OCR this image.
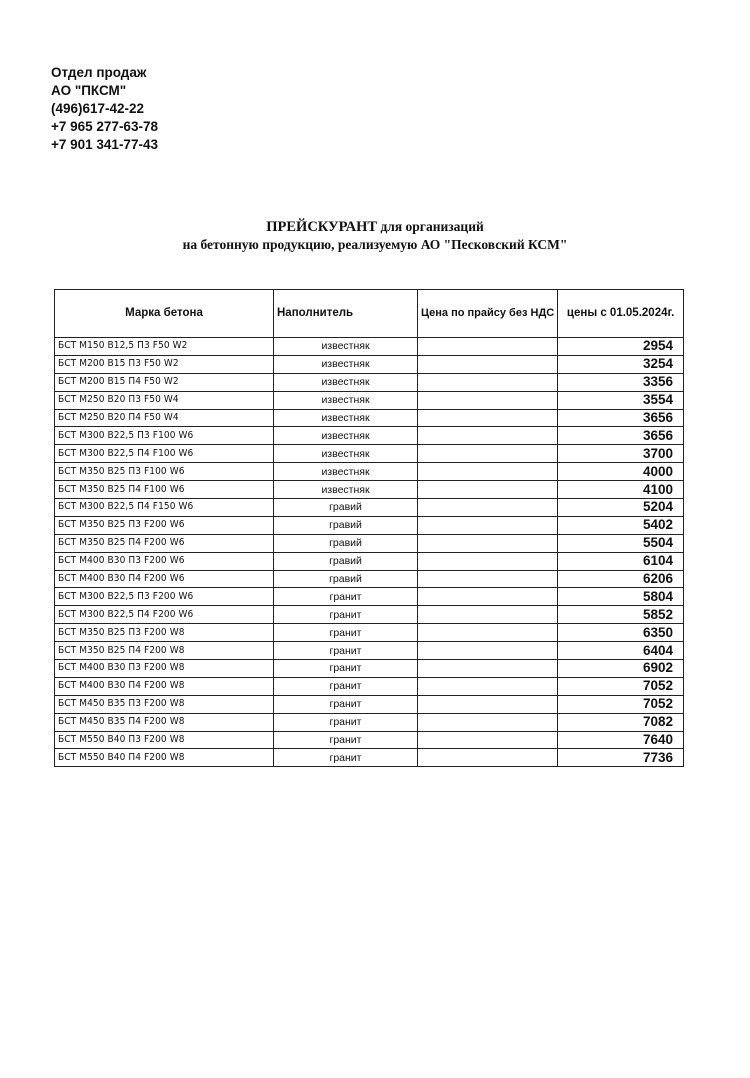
Отдел продаж
АО "ПКСМ"
(496)617-42-22
+7 965 277-63-78
+7 901 341-77-43
ПРЕЙСКУРАНТ для организаций
на бетонную продукцию, реализуемую АО "Песковский КСМ"
Марка бетона	Наполнитель	Цена по прайсу без НДС	цены с 01.05.2024г.
БСТ М150 В12,5 П3 F50 W2	известняк		2954
БСТ М200 В15 П3 F50 W2	известняк		3254
БСТ М200 В15 П4 F50 W2	известняк		3356
БСТ М250 В20 П3 F50 W4	известняк		3554
БСТ М250 В20 П4 F50 W4	известняк		3656
БСТ М300 В22,5 П3 F100 W6	известняк		3656
БСТ М300 В22,5 П4 F100 W6	известняк		3700
БСТ М350 В25 П3 F100 W6	известняк		4000
БСТ М350 В25 П4 F100 W6	известняк		4100
БСТ М300 В22,5 П4 F150 W6	гравий		5204
БСТ М350 В25 П3 F200 W6	гравий		5402
БСТ М350 В25 П4 F200 W6	гравий		5504
БСТ М400 В30 П3 F200 W6	гравий		6104
БСТ М400 В30 П4 F200 W6	гравий		6206
БСТ М300 В22,5 П3 F200 W6	гранит		5804
БСТ М300 В22,5 П4 F200 W6	гранит		5852
БСТ М350 В25 П3 F200 W8	гранит		6350
БСТ М350 В25 П4 F200 W8	гранит		6404
БСТ М400 В30 П3 F200 W8	гранит		6902
БСТ М400 В30 П4 F200 W8	гранит		7052
БСТ М450 В35 П3 F200 W8	гранит		7052
БСТ М450 В35 П4 F200 W8	гранит		7082
БСТ М550 В40 П3 F200 W8	гранит		7640
БСТ М550 В40 П4 F200 W8	гранит		7736
